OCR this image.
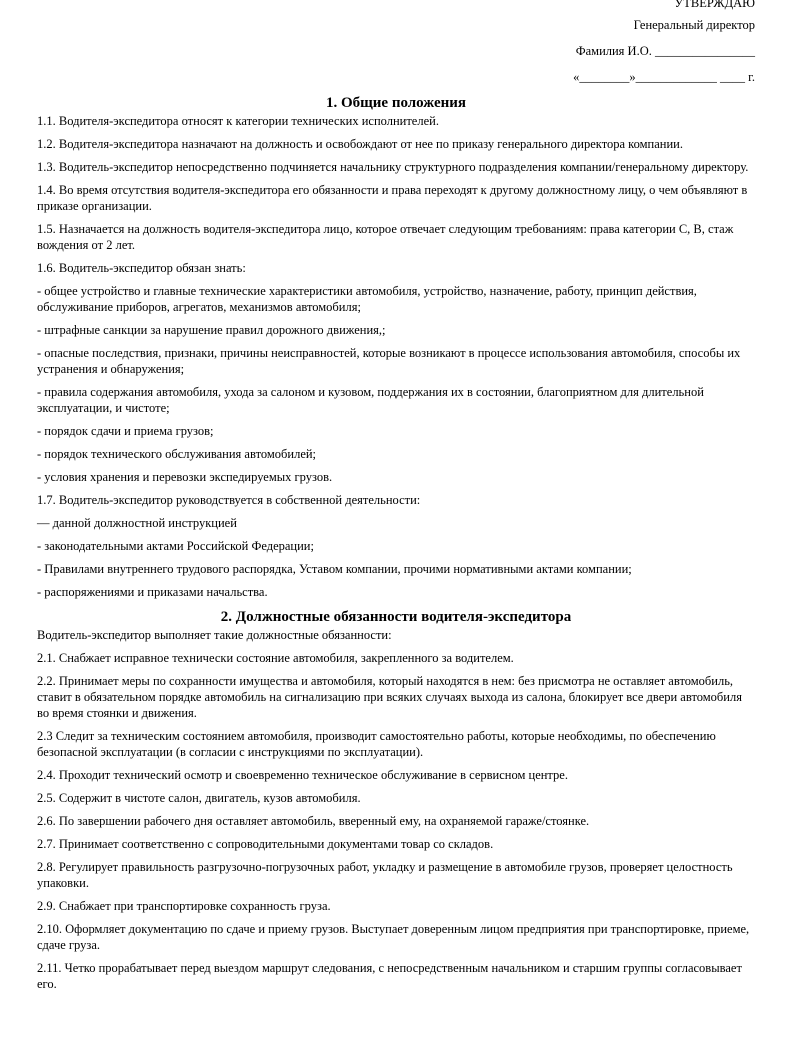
УТВЕРЖДАЮ
Генеральный директор
Фамилия И.О. ________________
«________»_____________ ____ г.
1. Общие положения

1.1. Водителя-экспедитора относят к категории технических исполнителей.

1.2. Водителя-экспедитора назначают на должность и освобождают от нее по приказу генерального директора компании.

1.3. Водитель-экспедитор непосредственно подчиняется начальнику структурного подразделения компании/генеральному директору.

1.4. Во время отсутствия водителя-экспедитора его обязанности и права переходят к другому должностному лицу, о чем объявляют в приказе организации.

1.5. Назначается на должность водителя-экспедитора лицо, которое отвечает следующим требованиям: права категории С, В, стаж вождения от 2 лет.

1.6. Водитель-экспедитор обязан знать:

- общее устройство и главные технические характеристики автомобиля, устройство, назначение, работу, принцип действия, обслуживание приборов, агрегатов, механизмов автомобиля;

- штрафные санкции за нарушение правил дорожного движения,;

- опасные последствия, признаки, причины неисправностей, которые возникают в процессе использования автомобиля, способы их устранения и обнаружения;

- правила содержания автомобиля, ухода за салоном и кузовом, поддержания их в состоянии, благоприятном для длительной эксплуатации, и чистоте;

- порядок сдачи и приема грузов;

- порядок технического обслуживания автомобилей;

- условия хранения и перевозки экспедируемых грузов.

1.7. Водитель-экспедитор руководствуется в собственной деятельности:

— данной должностной инструкцией

- законодательными актами Российской Федерации;

- Правилами внутреннего трудового распорядка, Уставом компании, прочими нормативными актами компании;

- распоряжениями и приказами начальства.

2. Должностные обязанности водителя-экспедитора

Водитель-экспедитор выполняет такие должностные обязанности:

2.1. Снабжает исправное технически состояние автомобиля, закрепленного за водителем.

2.2. Принимает меры по сохранности имущества и автомобиля, который находятся в нем: без присмотра не оставляет автомобиль, ставит в обязательном порядке автомобиль на сигнализацию при всяких случаях выхода из салона, блокирует все двери автомобиля во время стоянки и движения.

2.3 Следит за техническим состоянием автомобиля, производит самостоятельно работы, которые необходимы, по обеспечению безопасной эксплуатации (в согласии с инструкциями по эксплуатации).

2.4. Проходит технический осмотр и своевременно техническое обслуживание в сервисном центре.

2.5. Содержит в чистоте салон, двигатель, кузов автомобиля.

2.6. По завершении рабочего дня оставляет автомобиль, вверенный ему, на охраняемой гараже/стоянке.

2.7. Принимает соответственно с сопроводительными документами товар со складов.

2.8. Регулирует правильность разгрузочно-погрузочных работ, укладку и размещение в автомобиле грузов, проверяет целостность упаковки.

2.9. Снабжает при транспортировке сохранность груза.

2.10. Оформляет документацию по сдаче и приему грузов. Выступает доверенным лицом предприятия при транспортировке, приеме, сдаче груза.

2.11. Четко прорабатывает перед выездом маршрут следования, с непосредственным начальником и старшим группы согласовывает его.
